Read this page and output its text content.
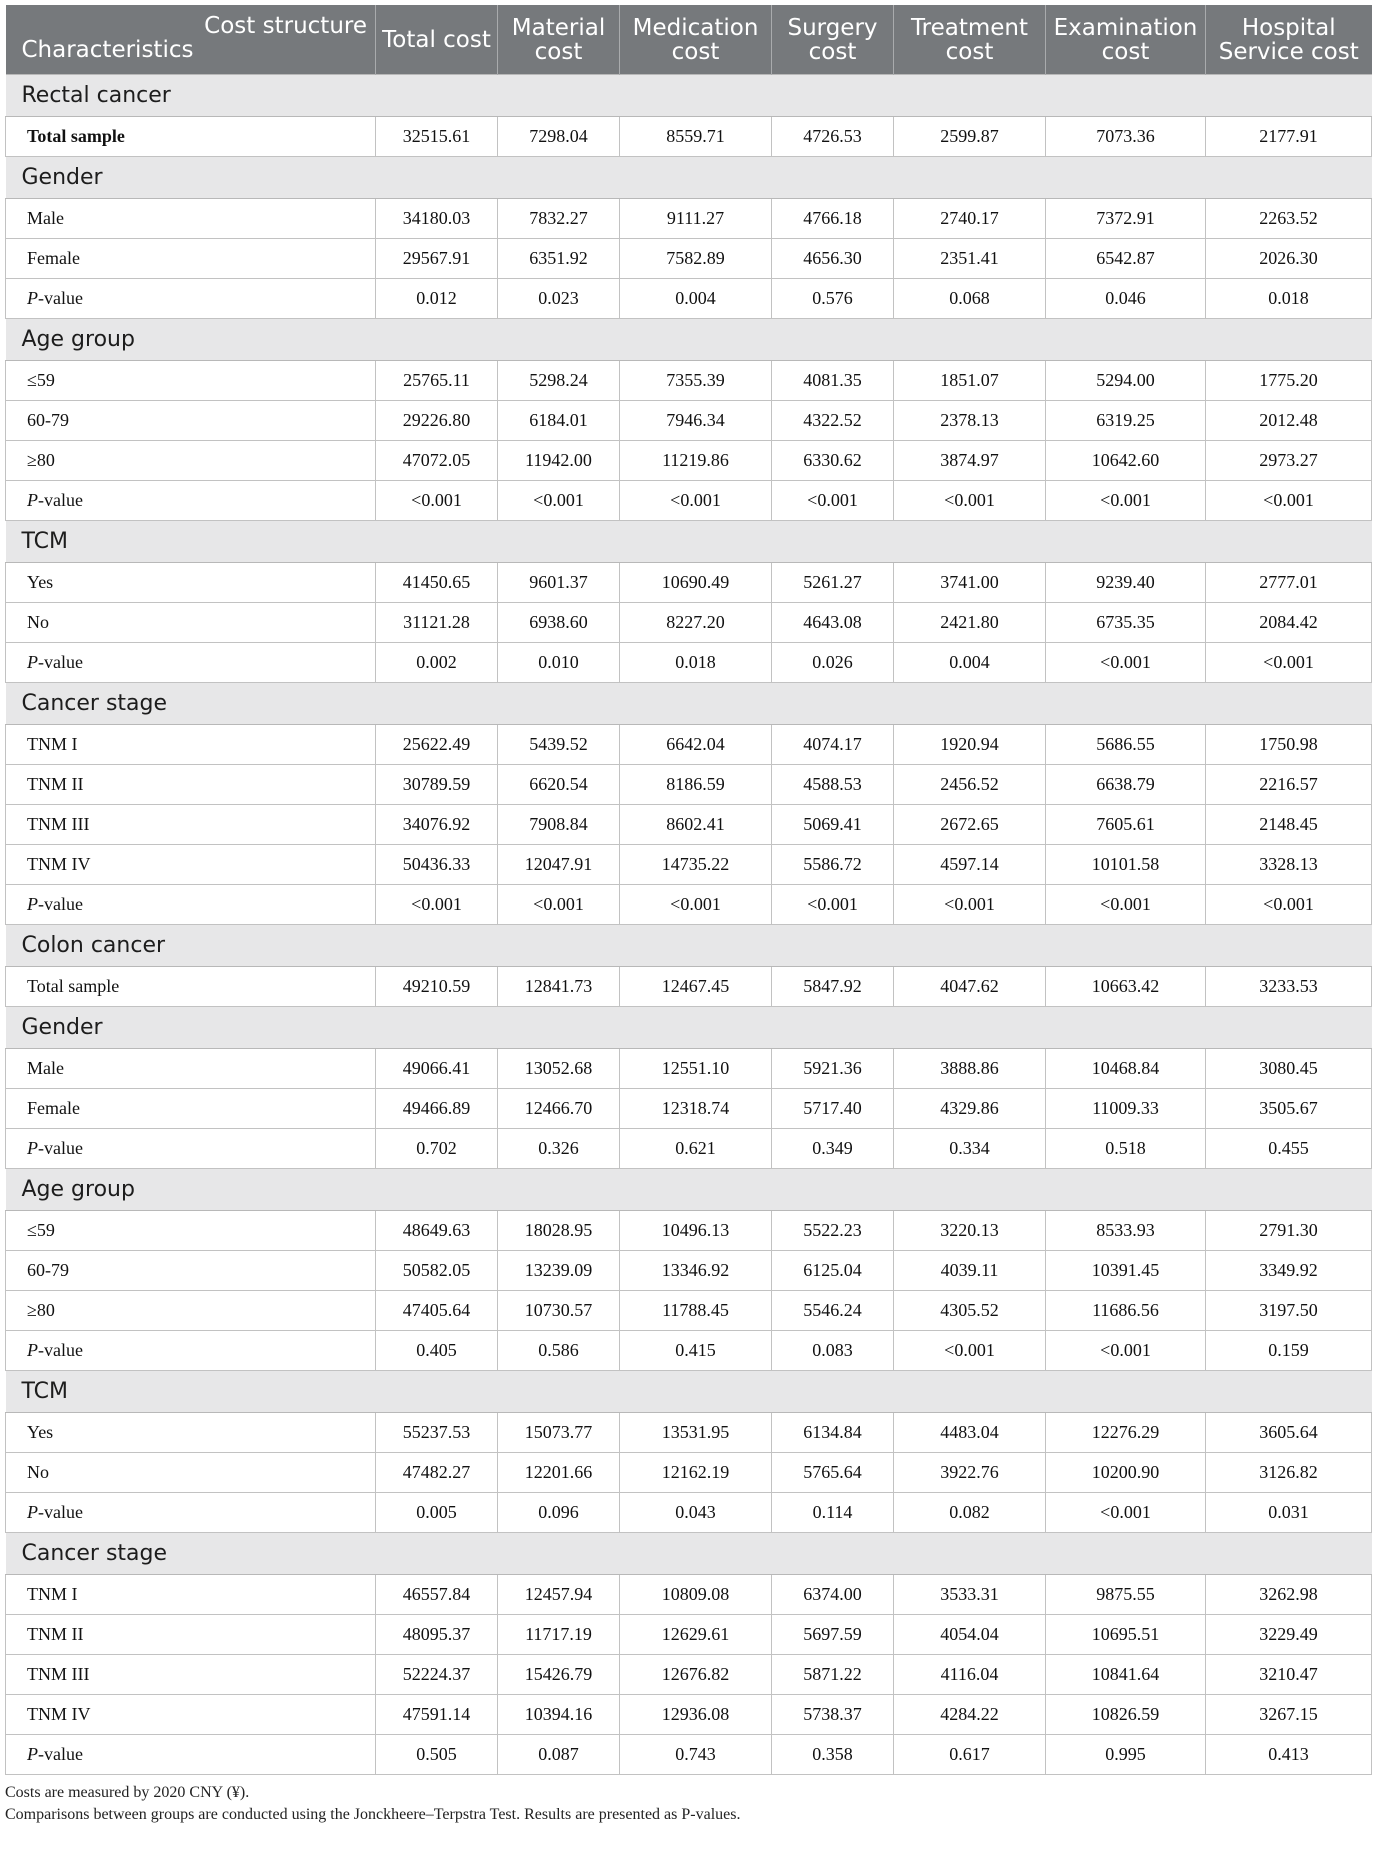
Cost structure
Characteristics	Total cost	Material cost	Medication cost	Surgery cost	Treatment cost	Examination cost	Hospital Service cost
Rectal cancer							
Total sample	32515.61	7298.04	8559.71	4726.53	2599.87	7073.36	2177.91
Gender							
Male	34180.03	7832.27	9111.27	4766.18	2740.17	7372.91	2263.52
Female	29567.91	6351.92	7582.89	4656.30	2351.41	6542.87	2026.30
P-value	0.012	0.023	0.004	0.576	0.068	0.046	0.018
Age group							
≤59	25765.11	5298.24	7355.39	4081.35	1851.07	5294.00	1775.20
60-79	29226.80	6184.01	7946.34	4322.52	2378.13	6319.25	2012.48
≥80	47072.05	11942.00	11219.86	6330.62	3874.97	10642.60	2973.27
P-value	<0.001	<0.001	<0.001	<0.001	<0.001	<0.001	<0.001
TCM							
Yes	41450.65	9601.37	10690.49	5261.27	3741.00	9239.40	2777.01
No	31121.28	6938.60	8227.20	4643.08	2421.80	6735.35	2084.42
P-value	0.002	0.010	0.018	0.026	0.004	<0.001	<0.001
Cancer stage							
TNM I	25622.49	5439.52	6642.04	4074.17	1920.94	5686.55	1750.98
TNM II	30789.59	6620.54	8186.59	4588.53	2456.52	6638.79	2216.57
TNM III	34076.92	7908.84	8602.41	5069.41	2672.65	7605.61	2148.45
TNM IV	50436.33	12047.91	14735.22	5586.72	4597.14	10101.58	3328.13
P-value	<0.001	<0.001	<0.001	<0.001	<0.001	<0.001	<0.001
Colon cancer							
Total sample	49210.59	12841.73	12467.45	5847.92	4047.62	10663.42	3233.53
Gender							
Male	49066.41	13052.68	12551.10	5921.36	3888.86	10468.84	3080.45
Female	49466.89	12466.70	12318.74	5717.40	4329.86	11009.33	3505.67
P-value	0.702	0.326	0.621	0.349	0.334	0.518	0.455
Age group							
≤59	48649.63	18028.95	10496.13	5522.23	3220.13	8533.93	2791.30
60-79	50582.05	13239.09	13346.92	6125.04	4039.11	10391.45	3349.92
≥80	47405.64	10730.57	11788.45	5546.24	4305.52	11686.56	3197.50
P-value	0.405	0.586	0.415	0.083	<0.001	<0.001	0.159
TCM							
Yes	55237.53	15073.77	13531.95	6134.84	4483.04	12276.29	3605.64
No	47482.27	12201.66	12162.19	5765.64	3922.76	10200.90	3126.82
P-value	0.005	0.096	0.043	0.114	0.082	<0.001	0.031
Cancer stage							
TNM I	46557.84	12457.94	10809.08	6374.00	3533.31	9875.55	3262.98
TNM II	48095.37	11717.19	12629.61	5697.59	4054.04	10695.51	3229.49
TNM III	52224.37	15426.79	12676.82	5871.22	4116.04	10841.64	3210.47
TNM IV	47591.14	10394.16	12936.08	5738.37	4284.22	10826.59	3267.15
P-value	0.505	0.087	0.743	0.358	0.617	0.995	0.413
Costs are measured by 2020 CNY (¥).
Comparisons between groups are conducted using the Jonckheere–Terpstra Test. Results are presented as P-values.
